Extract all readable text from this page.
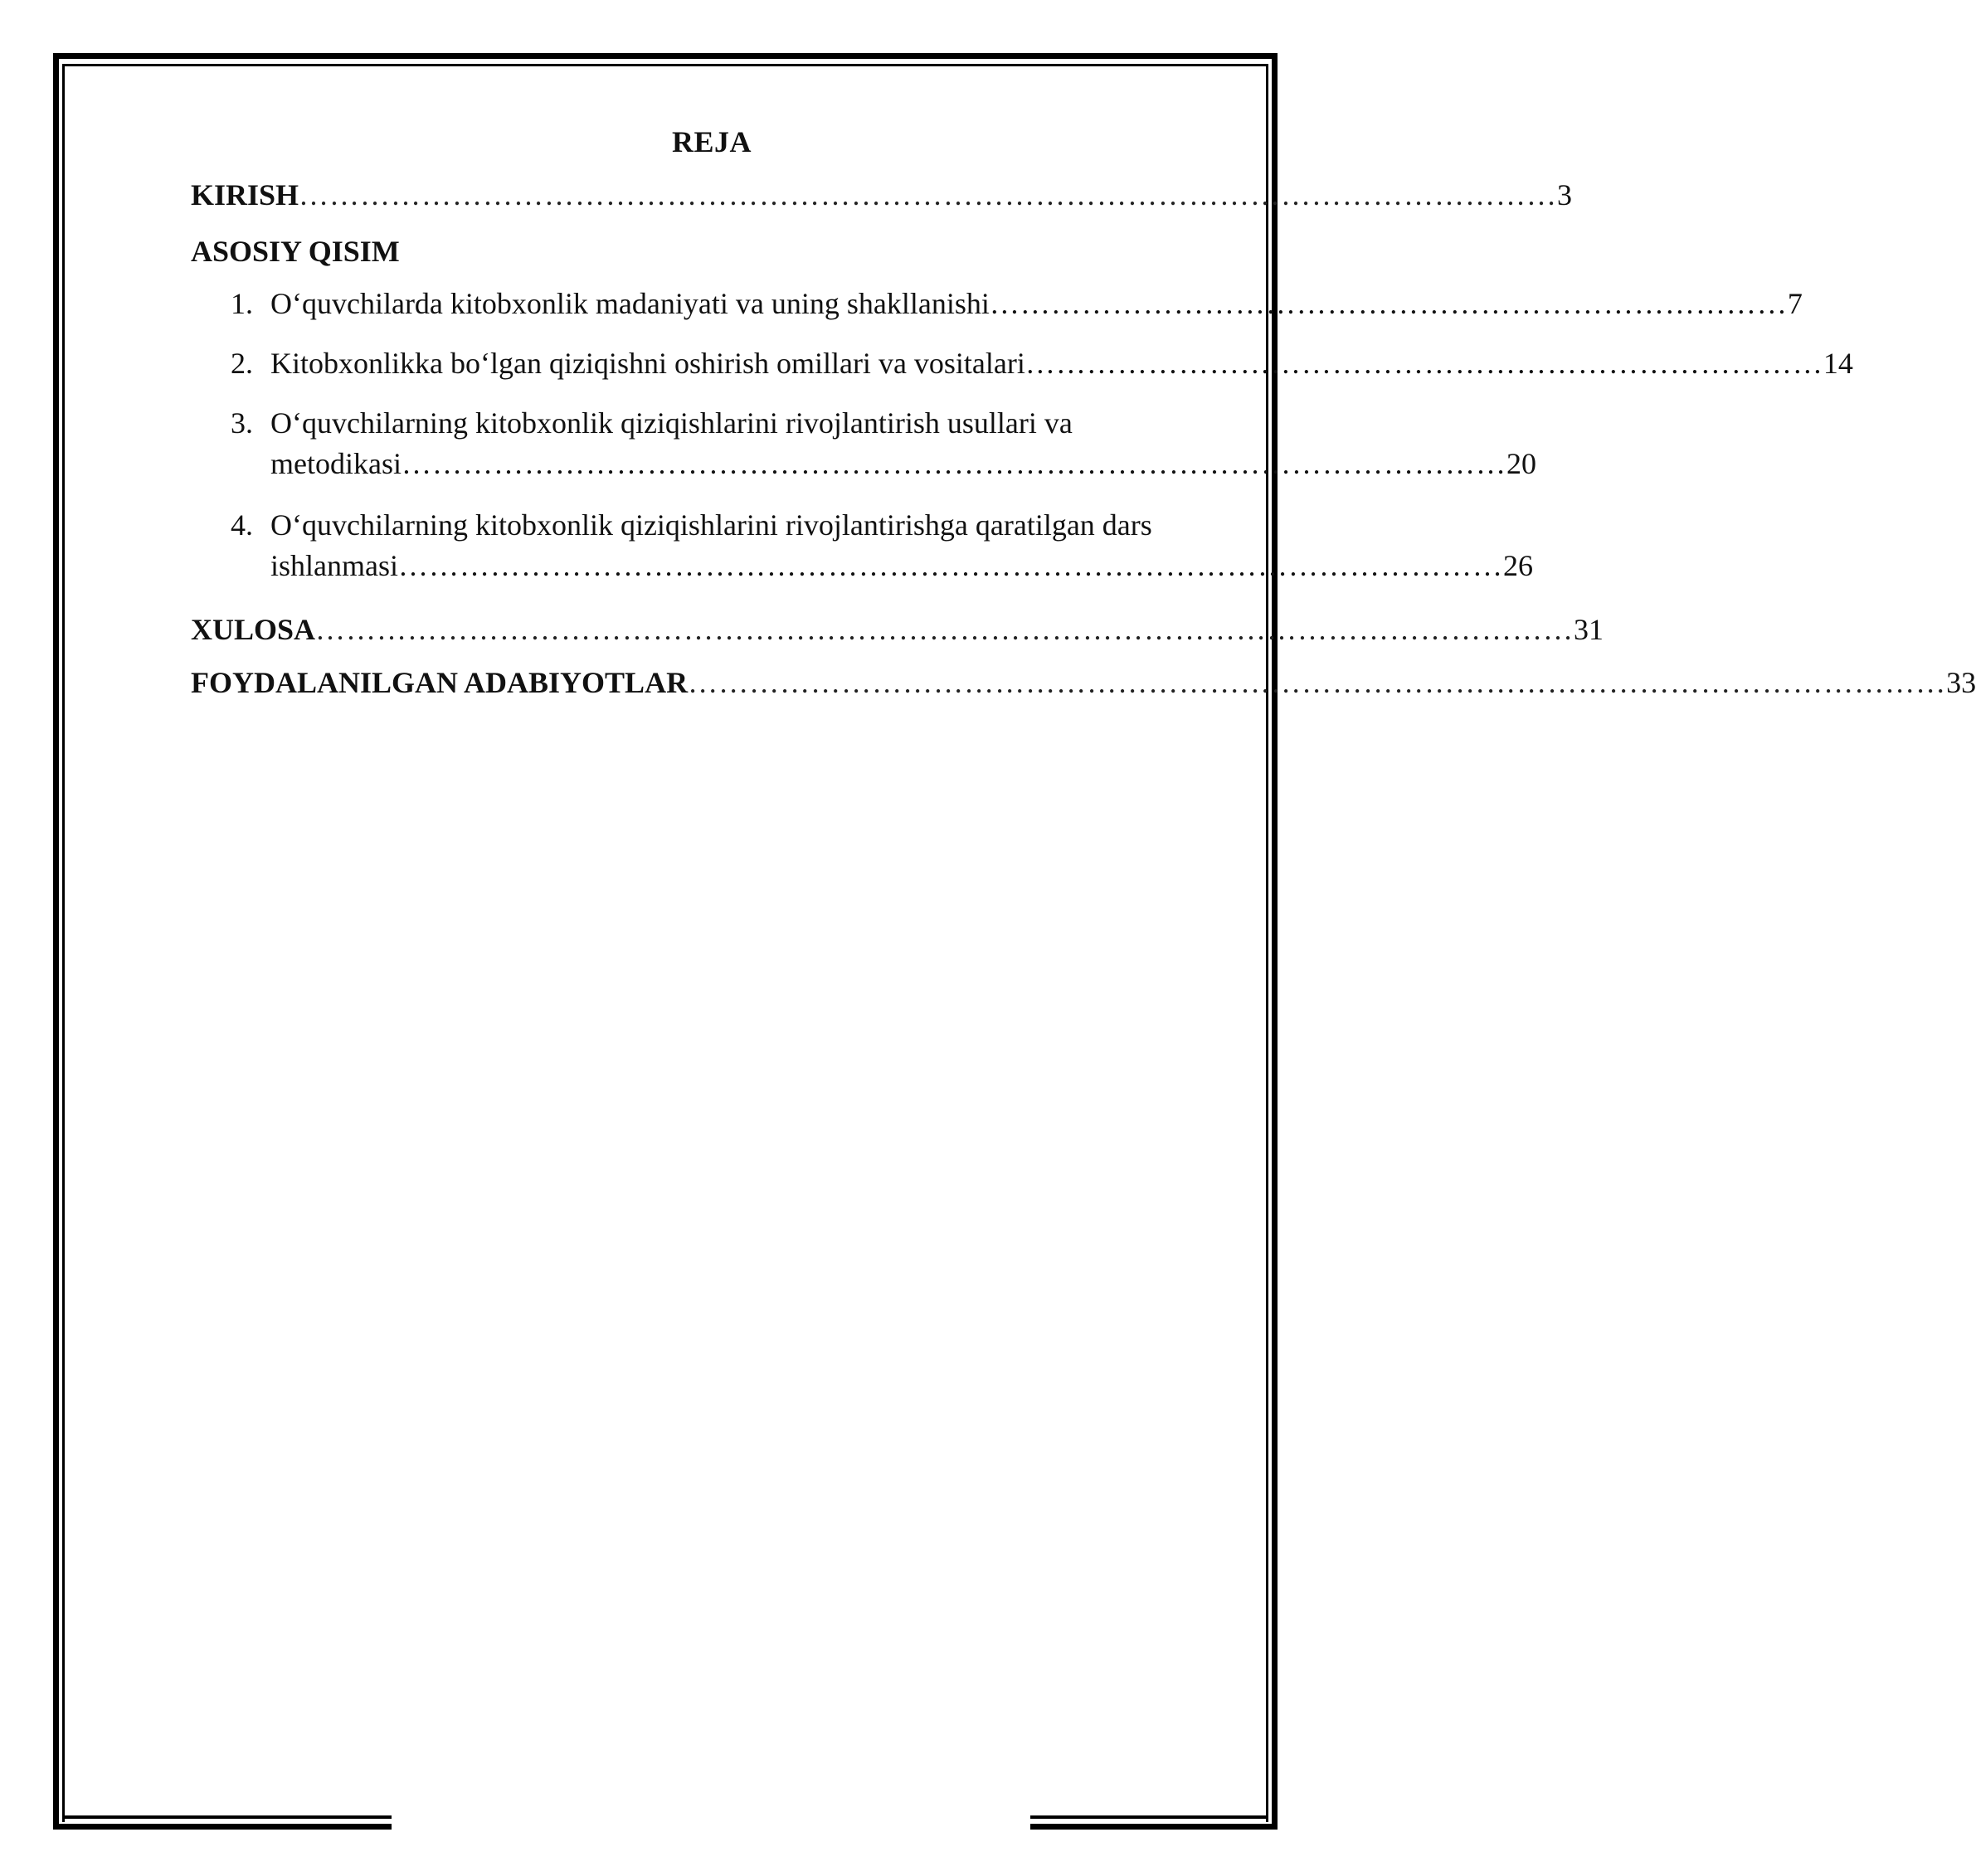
REJA
KIRISH …………………………………………………………………………………………………………… 3
ASOSIY QISIM
1. O‘quvchilarda kitobxonlik madaniyati va uning shakllanishi …………………………………………………………………… 7
2. Kitobxonlikka bo‘lgan qiziqishni oshirish omillari va vositalari …………………………………………………………………… 14
3. O‘quvchilarning kitobxonlik qiziqishlarini rivojlantirish usullari va
metodikasi ……………………………………………………………………………………………… 20
4. O‘quvchilarning kitobxonlik qiziqishlarini rivojlantirishga qaratilgan dars
ishlanmasi ……………………………………………………………………………………………… 26
XULOSA …………………………………………………………………………………………………………… 31
FOYDALANILGAN ADABIYOTLAR …………………………………………………………………………………………………………… 33
